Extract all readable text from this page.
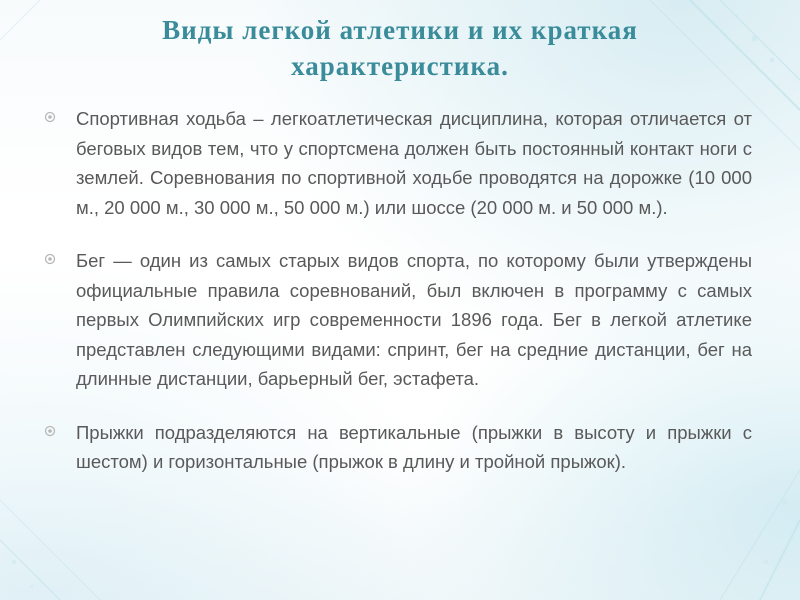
Виды легкой атлетики и их краткая характеристика.

Спортивная ходьба – легкоатлетическая дисциплина, которая отличается от беговых видов тем, что у спортсмена должен быть постоянный контакт ноги с землей. Соревнования по спортивной ходьбе проводятся на дорожке (10 000 м., 20 000 м., 30 000 м., 50 000 м.) или шоссе (20 000 м. и 50 000 м.).

Бег — один из самых старых видов спорта, по которому были утверждены официальные правила соревнований, был включен в программу с самых первых Олимпийских игр современности 1896 года. Бег в легкой атлетике представлен следующими видами: спринт, бег на средние дистанции, бег на длинные дистанции, барьерный бег, эстафета.

Прыжки подразделяются на вертикальные (прыжки в высоту и прыжки с шестом) и горизонтальные (прыжок в длину и тройной прыжок).
